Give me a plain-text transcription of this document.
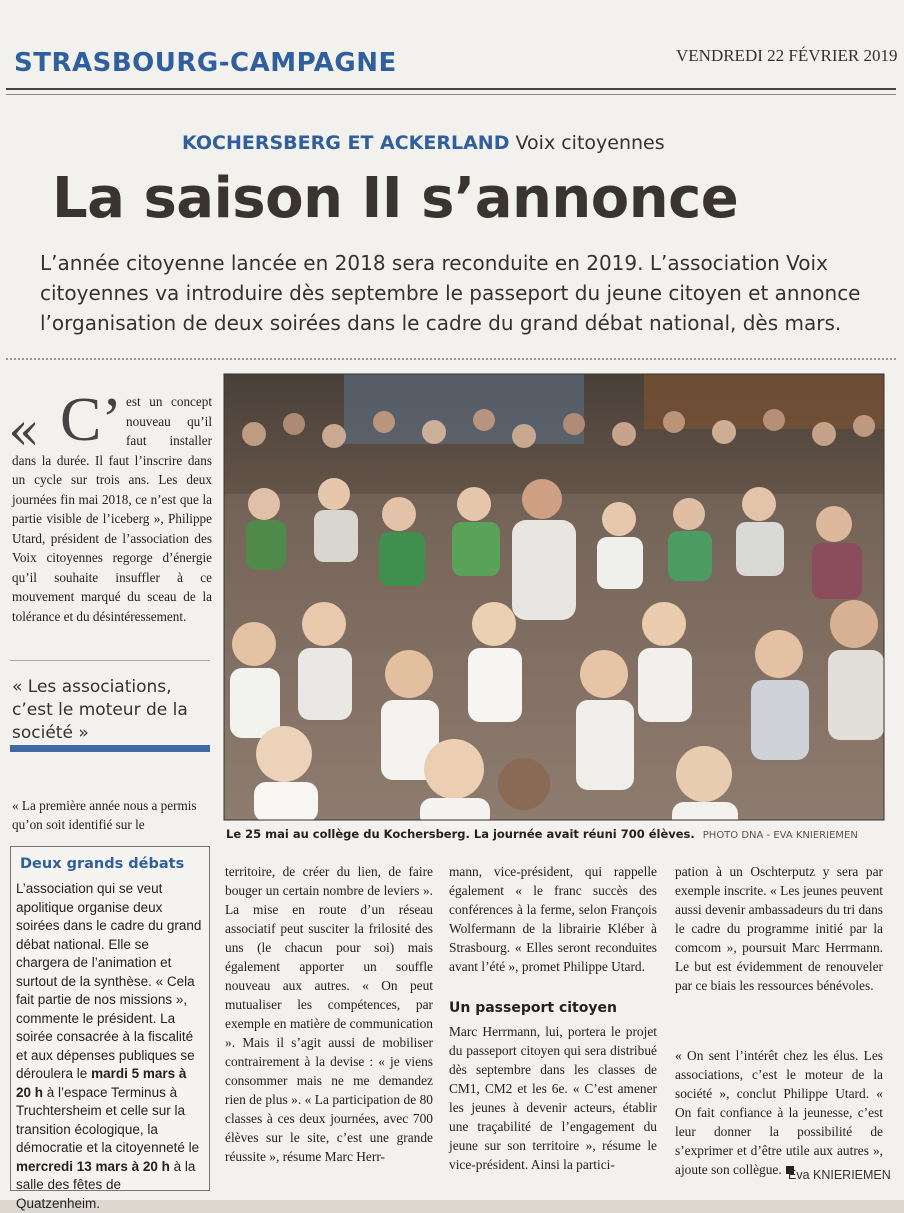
STRASBOURG-CAMPAGNE	VENDREDI 22 FÉVRIER 2019
KOCHERSBERG ET ACKERLAND Voix citoyennes
La saison II s’annonce
L’année citoyenne lancée en 2018 sera reconduite en 2019. L’association Voix citoyennes va introduire dès septembre le passeport du jeune citoyen et annonce l’organisation de deux soirées dans le cadre du grand débat national, dès mars.
C’ est un concept nouveau qu’il faut installer dans la durée. Il faut l’inscrire dans un cycle sur trois ans. Les deux journées fin mai 2018, ce n’est que la partie visible de l’iceberg », Philippe Utard, président de l’association des Voix citoyennes regorge d’énergie qu’il souhaite insuffler à ce mouvement marqué du sceau de la tolérance et du désintéressement.
«
« Les associations, c’est le moteur de la société »
« La première année nous a permis qu’on soit identifié sur le
Le 25 mai au collège du Kochersberg. La journée avait réuni 700 élèves. PHOTO DNA - EVA KNIERIEMEN
Deux grands débats
L’association qui se veut apolitique organise deux soirées dans le cadre du grand débat national. Elle se chargera de l’animation et surtout de la synthèse. « Cela fait partie de nos missions », commente le président. La soirée consacrée à la fiscalité et aux dépenses publiques se déroulera le mardi 5 mars à 20 h à l’espace Terminus à Truchtersheim et celle sur la transition écologique, la démocratie et la citoyenneté le mercredi 13 mars à 20 h à la salle des fêtes de Quatzenheim.
territoire, de créer du lien, de faire bouger un certain nombre de leviers ». La mise en route d’un réseau associatif peut susciter la frilosité des uns (le chacun pour soi) mais également apporter un souffle nouveau aux autres. « On peut mutualiser les compétences, par exemple en matière de communication ». Mais il s’agit aussi de mobiliser contrairement à la devise : « je viens consommer mais ne me demandez rien de plus ». « La participation de 80 classes à ces deux journées, avec 700 élèves sur le site, c’est une grande réussite », résume Marc Herr-
mann, vice-président, qui rappelle également « le franc succès des conférences à la ferme, selon François Wolfermann de la librairie Kléber à Strasbourg. « Elles seront reconduites avant l’été », promet Philippe Utard.
Un passeport citoyen
Marc Herrmann, lui, portera le projet du passeport citoyen qui sera distribué dès septembre dans les classes de CM1, CM2 et les 6e. « C’est amener les jeunes à devenir acteurs, établir une traçabilité de l’engagement du jeune sur son territoire », résume le vice-président. Ainsi la partici-
pation à un Oschterputz y sera par exemple inscrite. « Les jeunes peuvent aussi devenir ambassadeurs du tri dans le cadre du programme initié par la comcom », poursuit Marc Herrmann. Le but est évidemment de renouveler par ce biais les ressources bénévoles.
« On sent l’intérêt chez les élus. Les associations, c’est le moteur de la société », conclut Philippe Utard. « On fait confiance à la jeunesse, c’est leur donner la possibilité de s’exprimer et d’être utile aux autres », ajoute son collègue. Eva KNIERIEMEN
